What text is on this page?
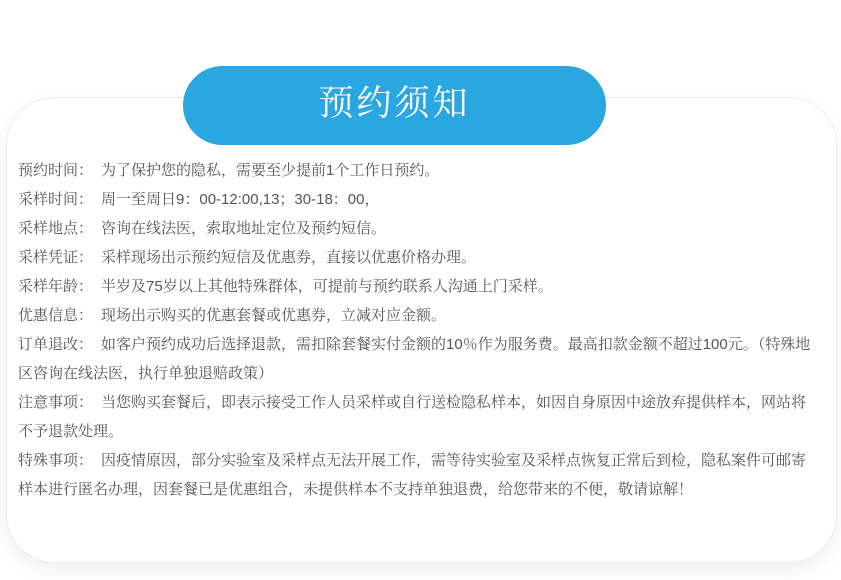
预约须知

预约时间： 为了保护您的隐私，需要至少提前1个工作日预约。

采样时间： 周一至周日9：00-12:00,13；30-18：00，

采样地点： 咨询在线法医，索取地址定位及预约短信。

采样凭证： 采样现场出示预约短信及优惠券，直接以优惠价格办理。

采样年龄： 半岁及75岁以上其他特殊群体，可提前与预约联系人沟通上门采样。

优惠信息： 现场出示购买的优惠套餐或优惠券，立减对应金额。

订单退改： 如客户预约成功后选择退款，需扣除套餐实付金额的10％作为服务费。最高扣款金额不超过100元。（特殊地区咨询在线法医，执行单独退赔政策）

注意事项： 当您购买套餐后，即表示接受工作人员采样或自行送检隐私样本，如因自身原因中途放弃提供样本，网站将不予退款处理。

特殊事项： 因疫情原因，部分实验室及采样点无法开展工作，需等待实验室及采样点恢复正常后到检，隐私案件可邮寄样本进行匿名办理，因套餐已是优惠组合，未提供样本不支持单独退费，给您带来的不便，敬请谅解！
